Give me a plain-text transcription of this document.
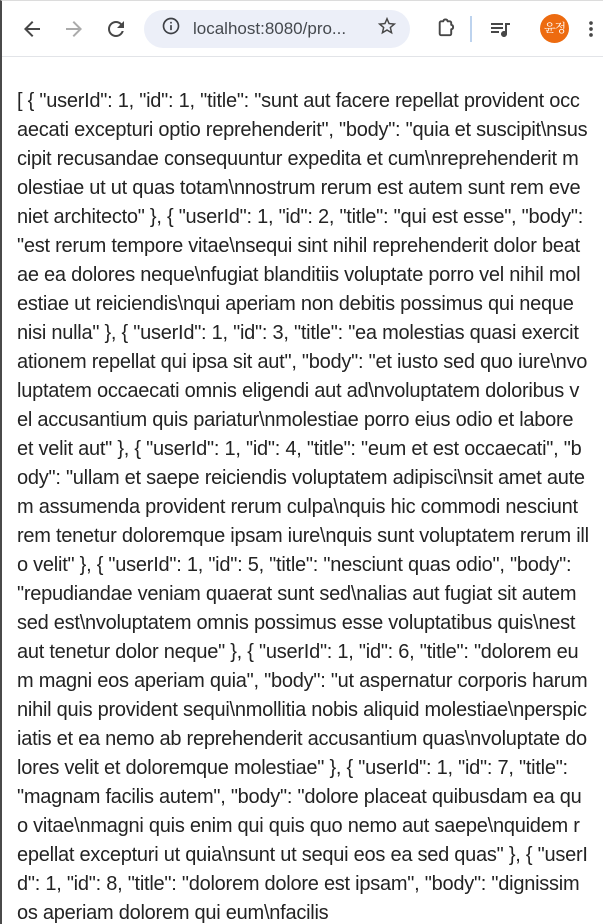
localhost:8080/pro...	윤정
[ { "userId": 1, "id": 1, "title": "sunt aut facere repellat provident occaecati excepturi optio reprehenderit", "body": "quia et suscipit\nsuscipit recusandae consequuntur expedita et cum\nreprehenderit molestiae ut ut quas totam\nnostrum rerum est autem sunt rem eveniet architecto" }, { "userId": 1, "id": 2, "title": "qui est esse", "body": "est rerum tempore vitae\nsequi sint nihil reprehenderit dolor beatae ea dolores neque\nfugiat blanditiis voluptate porro vel nihil molestiae ut reiciendis\nqui aperiam non debitis possimus qui neque nisi nulla" }, { "userId": 1, "id": 3, "title": "ea molestias quasi exercitationem repellat qui ipsa sit aut", "body": "et iusto sed quo iure\nvoluptatem occaecati omnis eligendi aut ad\nvoluptatem doloribus vel accusantium quis pariatur\nmolestiae porro eius odio et labore et velit aut" }, { "userId": 1, "id": 4, "title": "eum et est occaecati", "body": "ullam et saepe reiciendis voluptatem adipisci\nsit amet autem assumenda provident rerum culpa\nquis hic commodi nesciunt rem tenetur doloremque ipsam iure\nquis sunt voluptatem rerum illo velit" }, { "userId": 1, "id": 5, "title": "nesciunt quas odio", "body": "repudiandae veniam quaerat sunt sed\nalias aut fugiat sit autem sed est\nvoluptatem omnis possimus esse voluptatibus quis\nest aut tenetur dolor neque" }, { "userId": 1, "id": 6, "title": "dolorem eum magni eos aperiam quia", "body": "ut aspernatur corporis harum nihil quis provident sequi\nmollitia nobis aliquid molestiae\nperspiciatis et ea nemo ab reprehenderit accusantium quas\nvoluptate dolores velit et doloremque molestiae" }, { "userId": 1, "id": 7, "title": "magnam facilis autem", "body": "dolore placeat quibusdam ea quo vitae\nmagni quis enim qui quis quo nemo aut saepe\nquidem repellat excepturi ut quia\nsunt ut sequi eos ea sed quas" }, { "userId": 1, "id": 8, "title": "dolorem dolore est ipsam", "body": "dignissimos aperiam dolorem qui eum\nfacilis
